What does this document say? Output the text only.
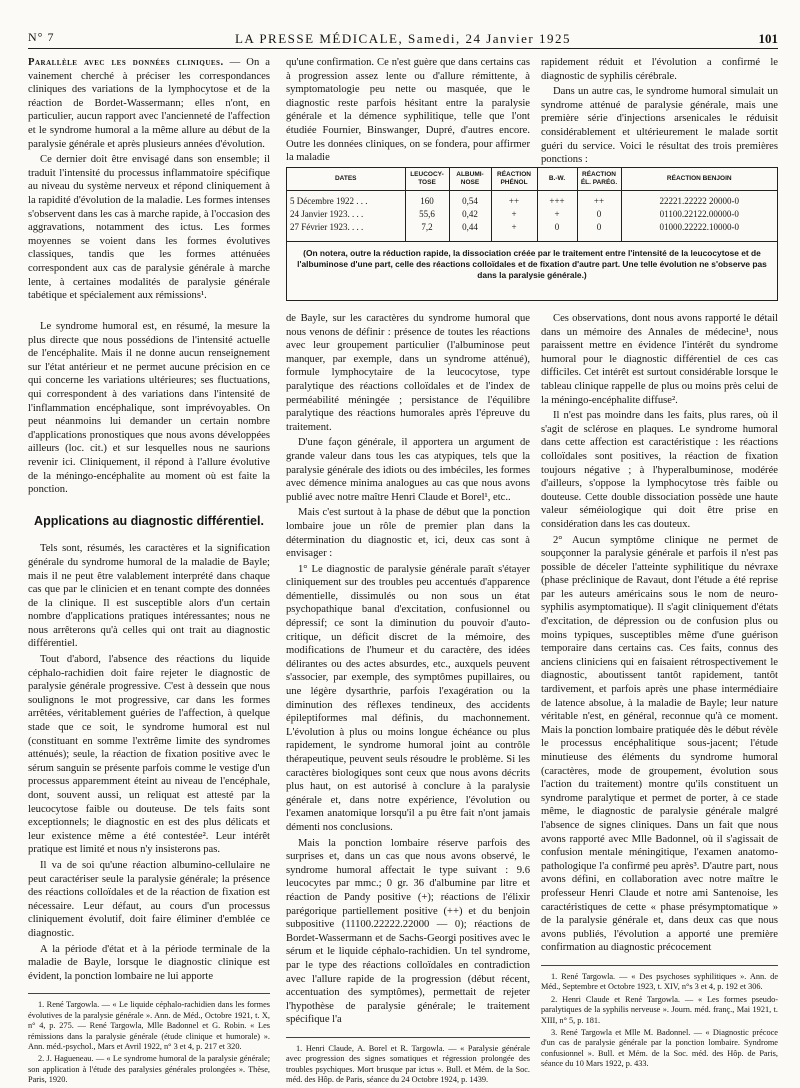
N° 7	LA PRESSE MÉDICALE, Samedi, 24 Janvier 1925	101

Parallèle avec les données cliniques. — On a vainement cherché à préciser les correspondances cliniques des variations de la lymphocytose et de la réaction de Bordet-Wassermann; elles n'ont, en particulier, aucun rapport avec l'ancienneté de l'affection et le syndrome humoral a la même allure au début de la paralysie générale et après plusieurs années d'évolution.

Ce dernier doit être envisagé dans son ensemble; il traduit l'intensité du processus inflammatoire spécifique au niveau du système nerveux et répond cliniquement à la rapidité d'évolution de la maladie. Les formes intenses s'observent dans les cas à marche rapide, à l'occasion des aggravations, notamment des ictus. Les formes moyennes se voient dans les formes évolutives classiques, tandis que les formes atténuées correspondent aux cas de paralysie générale à marche lente, à certaines modalités de paralysie générale tabétique et spécialement aux rémissions¹.

qu'une confirmation. Ce n'est guère que dans certains cas à progression assez lente ou d'allure rémittente, à symptomatologie peu nette ou masquée, que le diagnostic reste parfois hésitant entre la paralysie générale et la démence syphilitique, telle que l'ont étudiée Fournier, Binswanger, Dupré, d'autres encore. Outre les données cliniques, on se fondera, pour affirmer la maladie

rapidement réduit et l'évolution a confirmé le diagnostic de syphilis cérébrale.

Dans un autre cas, le syndrome humoral simulait un syndrome atténué de paralysie générale, mais une première série d'injections arsenicales le réduisit considérablement et ultérieurement le malade sortit guéri du service. Voici le résultat des trois premières ponctions :

DATES	LEUCOCY-TOSE	ALBUMI-NOSE	RÉACTION PHÉNOL	B.-W.	RÉACTION ÉL. PARÉG.	RÉACTION BENJOIN
5 Décembre 1922 . . .	160	0,54	++	+++	++	22221.22222 20000-0
24 Janvier 1923. . . .	55,6	0,42	+	+	0	01100.22122.00000-0
27 Février 1923. . . .	7,2	0,44	+	0	0	01000.22222.10000-0
(On notera, outre la réduction rapide, la dissociation créée par le traitement entre l'intensité de la leucocytose et de l'albuminose d'une part, celle des réactions colloïdales et de fixation d'autre part. Une telle évolution ne s'observe pas dans la paralysie générale.)

Le syndrome humoral est, en résumé, la mesure la plus directe que nous possédions de l'intensité actuelle de l'encéphalite. Mais il ne donne aucun renseignement sur l'état antérieur et ne permet aucune précision en ce qui concerne les variations ultérieures; ses fluctuations, qui correspondent à des variations dans l'intensité de l'inflammation encéphalique, sont imprévoyables. On peut néanmoins lui demander un certain nombre d'applications pronostiques que nous avons développées ailleurs (loc. cit.) et sur lesquelles nous ne saurions revenir ici. Cliniquement, il répond à l'allure évolutive de la méningo-encéphalite au moment où est faite la ponction.

Applications au diagnostic différentiel.

Tels sont, résumés, les caractères et la signification générale du syndrome humoral de la maladie de Bayle; mais il ne peut être valablement interprété dans chaque cas que par le clinicien et en tenant compte des données de la clinique. Il est susceptible alors d'un certain nombre d'applications pratiques intéressantes; nous ne nous arrêterons qu'à celles qui ont trait au diagnostic différentiel.

Tout d'abord, l'absence des réactions du liquide céphalo-rachidien doit faire rejeter le diagnostic de paralysie générale progressive. C'est à dessein que nous soulignons le mot progressive, car dans les formes arrêtées, véritablement guéries de l'affection, à quelque stade que ce soit, le syndrome humoral est nul (constituant en somme l'extrême limite des syndromes atténués); seule, la réaction de fixation positive avec le sérum sanguin se présente parfois comme le vestige d'un processus apparemment éteint au niveau de l'encéphale, dont, souvent aussi, un reliquat est attesté par la leucocytose faible ou douteuse. De tels faits sont exceptionnels; le diagnostic en est des plus délicats et leur existence même a été contestée². Leur intérêt pratique est limité et nous n'y insisterons pas.

Il va de soi qu'une réaction albumino-cellulaire ne peut caractériser seule la paralysie générale; la présence des réactions colloïdales et de la réaction de fixation est nécessaire. Leur défaut, au cours d'un processus cliniquement évolutif, doit faire éliminer d'emblée ce diagnostic.

A la période d'état et à la période terminale de la maladie de Bayle, lorsque le diagnostic clinique est évident, la ponction lombaire ne lui apporte

1. René Targowla. — « Le liquide céphalo-rachidien dans les formes évolutives de la paralysie générale ». Ann. de Méd., Octobre 1921, t. X, n° 4, p. 275. — René Targowla, Mlle Badonnel et G. Robin. « Les rémissions dans la paralysie générale (étude clinique et humorale) ». Ann. méd.-psychol., Mars et Avril 1922, n° 3 et 4, p. 217 et 320.

2. J. Hagueneau. — « Le syndrome humoral de la paralysie générale; son application à l'étude des paralysies générales prolongées ». Thèse, Paris, 1920.

de Bayle, sur les caractères du syndrome humoral que nous venons de définir : présence de toutes les réactions avec leur groupement particulier (l'albuminose peut manquer, par exemple, dans un syndrome atténué), formule lymphocytaire de la leucocytose, type paralytique des réactions colloïdales et de l'index de perméabilité méningée ; persistance de l'équilibre paralytique des réactions humorales après l'épreuve du traitement.

D'une façon générale, il apportera un argument de grande valeur dans tous les cas atypiques, tels que la paralysie générale des idiots ou des imbéciles, les formes avec démence minima analogues au cas que nous avons publié avec notre maître Henri Claude et Borel¹, etc..

Mais c'est surtout à la phase de début que la ponction lombaire joue un rôle de premier plan dans la détermination du diagnostic et, ici, deux cas sont à envisager :

1° Le diagnostic de paralysie générale paraît s'étayer cliniquement sur des troubles peu accentués d'apparence démentielle, dissimulés ou non sous un état psychopathique banal d'excitation, confusionnel ou dépressif; ce sont la diminution du pouvoir d'auto-critique, un déficit discret de la mémoire, des modifications de l'humeur et du caractère, des idées délirantes ou des actes absurdes, etc., auxquels peuvent s'associer, par exemple, des symptômes pupillaires, ou une légère dysarthrie, parfois l'exagération ou la diminution des réflexes tendineux, des accidents épileptiformes mal définis, du machonnement. L'évolution à plus ou moins longue échéance ou plus rapidement, le syndrome humoral joint au contrôle thérapeutique, peuvent seuls résoudre le problème. Si les caractères biologiques sont ceux que nous avons décrits plus haut, on est autorisé à conclure à la paralysie générale et, dans notre expérience, l'évolution ou l'examen anatomique lorsqu'il a pu être fait n'ont jamais démenti nos conclusions.

Mais la ponction lombaire réserve parfois des surprises et, dans un cas que nous avons observé, le syndrome humoral affectait le type suivant : 9.6 leucocytes par mmc.; 0 gr. 36 d'albumine par litre et réaction de Pandy positive (+); réactions de l'élixir parégorique partiellement positive (++) et du benjoin subpositive (11100.22222.22000 — 0); réactions de Bordet-Wassermann et de Sachs-Georgi positives avec le sérum et le liquide céphalo-rachidien. Un tel syndrome, par le type des réactions colloïdales en contradiction avec l'allure rapide de la progression (début récent, accentuation des symptômes), permettait de rejeter l'hypothèse de paralysie générale; le traitement spécifique l'a

1. Henri Claude, A. Borel et R. Targowla. — « Paralysie générale avec progression des signes somatiques et régression prolongée des troubles psychiques. Mort brusque par ictus ». Bull. et Mém. de la Soc. méd. des Hôp. de Paris, séance du 24 Octobre 1924, p. 1439.

Ces observations, dont nous avons rapporté le détail dans un mémoire des Annales de médecine¹, nous paraissent mettre en évidence l'intérêt du syndrome humoral pour le diagnostic différentiel de ces cas difficiles. Cet intérêt est surtout considérable lorsque le tableau clinique rappelle de plus ou moins près celui de la méningo-encéphalite diffuse².

Il n'est pas moindre dans les faits, plus rares, où il s'agit de sclérose en plaques. Le syndrome humoral dans cette affection est caractéristique : les réactions colloïdales sont positives, la réaction de fixation toujours négative ; à l'hyperalbuminose, modérée d'ailleurs, s'oppose la lymphocytose très faible ou douteuse. Cette double dissociation possède une haute valeur séméiologique qui doit être prise en considération dans les cas douteux.

2° Aucun symptôme clinique ne permet de soupçonner la paralysie générale et parfois il n'est pas possible de déceler l'atteinte syphilitique du névraxe (phase préclinique de Ravaut, dont l'étude a été reprise par les auteurs américains sous le nom de neuro-syphilis asymptomatique). Il s'agit cliniquement d'états d'excitation, de dépression ou de confusion plus ou moins typiques, susceptibles même d'une guérison temporaire dans certains cas. Ces faits, connus des anciens cliniciens qui en faisaient rétrospectivement le diagnostic, aboutissent tantôt rapidement, tantôt tardivement, et parfois après une phase intermédiaire de latence absolue, à la maladie de Bayle; leur nature véritable n'est, en général, reconnue qu'à ce moment. Mais la ponction lombaire pratiquée dès le début révèle le processus encéphalitique sous-jacent; l'étude minutieuse des éléments du syndrome humoral (caractères, mode de groupement, évolution sous l'action du traitement) montre qu'ils constituent un syndrome paralytique et permet de porter, à ce stade même, le diagnostic de paralysie générale malgré l'absence de signes cliniques. Dans un fait que nous avons rapporté avec Mlle Badonnel, où il s'agissait de confusion mentale méningitique, l'examen anatomo-pathologique l'a confirmé peu après³. D'autre part, nous avons défini, en collaboration avec notre maître le professeur Henri Claude et notre ami Santenoise, les caractéristiques de cette « phase présymptomatique » de la paralysie générale et, dans deux cas que nous avons publiés, l'évolution a apporté une première confirmation au diagnostic précocement

1. René Targowla. — « Des psychoses syphilitiques ». Ann. de Méd., Septembre et Octobre 1923, t. XIV, n°s 3 et 4, p. 192 et 306.

2. Henri Claude et René Targowla. — « Les formes pseudo-paralytiques de la syphilis nerveuse ». Journ. méd. franç., Mai 1921, t. XIII, n° 5, p. 181.

3. René Targowla et Mlle M. Badonnel. — « Diagnostic précoce d'un cas de paralysie générale par la ponction lombaire. Syndrome confusionnel ». Bull. et Mém. de la Soc. méd. des Hôp. de Paris, séance du 10 Mars 1922, p. 433.
